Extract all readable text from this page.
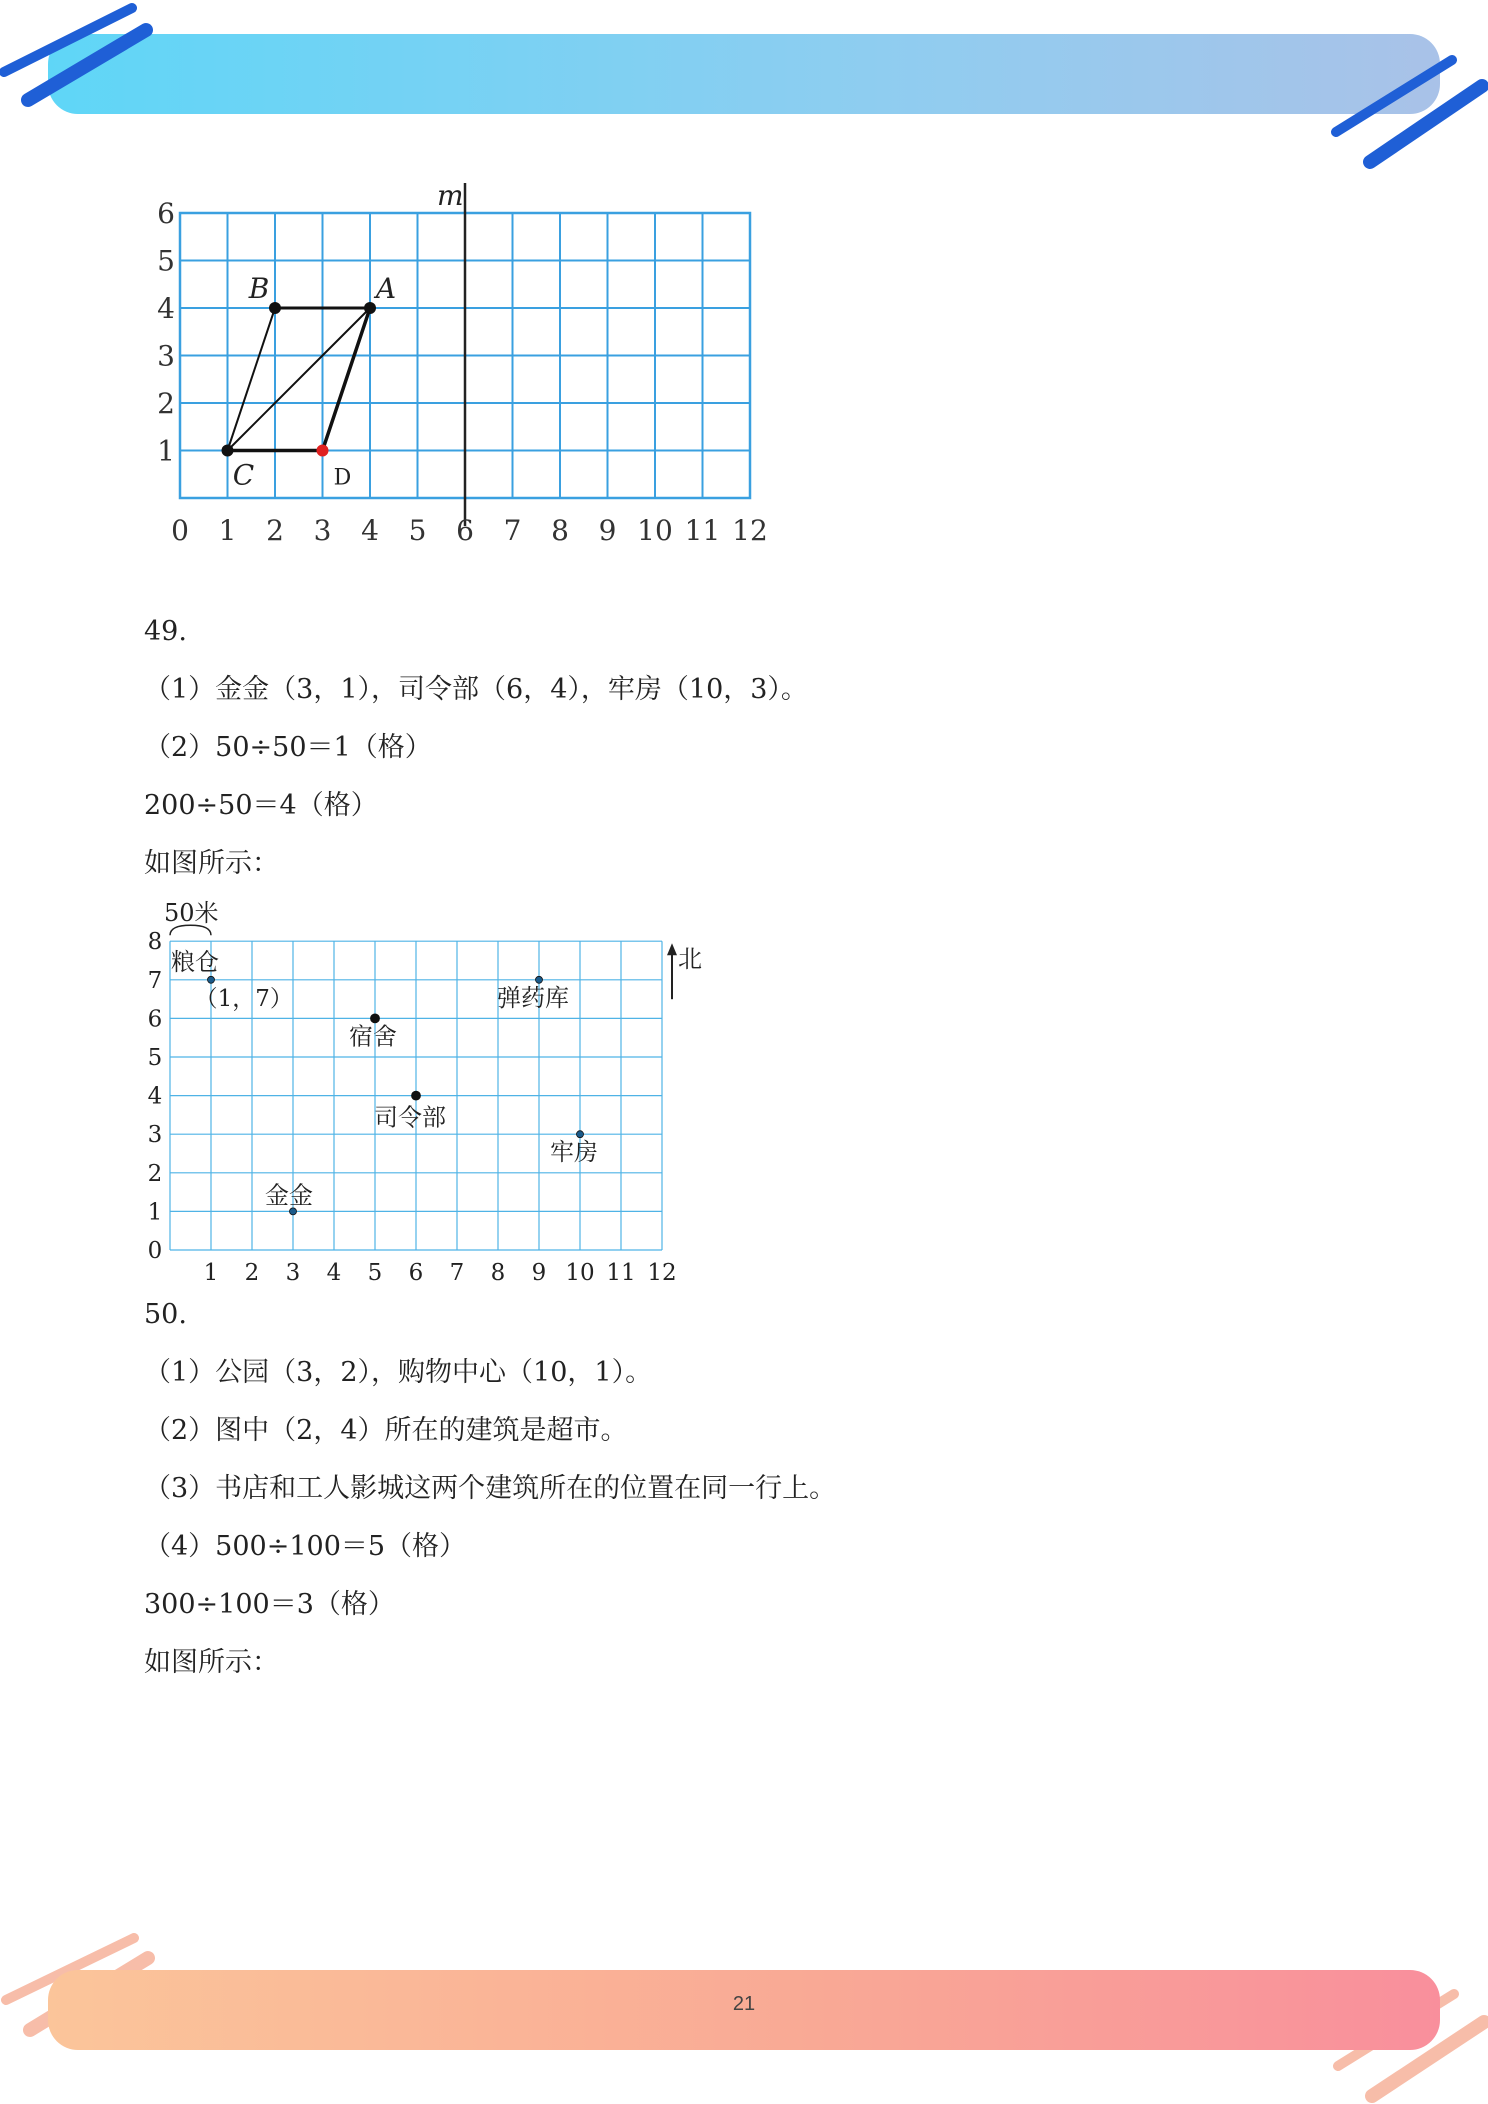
21
m
0 1 2 3 4 5 6 7 8 9 10 11 12
1
2
3
4
5
6
A
B
C	D
49.
（1）金金（3，1），司令部（6，4），牢房（10，3）。
（2）50÷50＝1（格）
200÷50＝4（格）
如图所示：
1 2 3 4 5 6 7 8 9 10 11 12
0
1
2
3
4
5
6
7
8
50米
北
粮仓
弹药库
宿舍
司令部
牢房
金金
（1，7）
50.
（1）公园（3，2），购物中心（10，1）。
（2）图中（2，4）所在的建筑是超市。
（3）书店和工人影城这两个建筑所在的位置在同一行上。
（4）500÷100＝5（格）
300÷100＝3（格）
如图所示：
